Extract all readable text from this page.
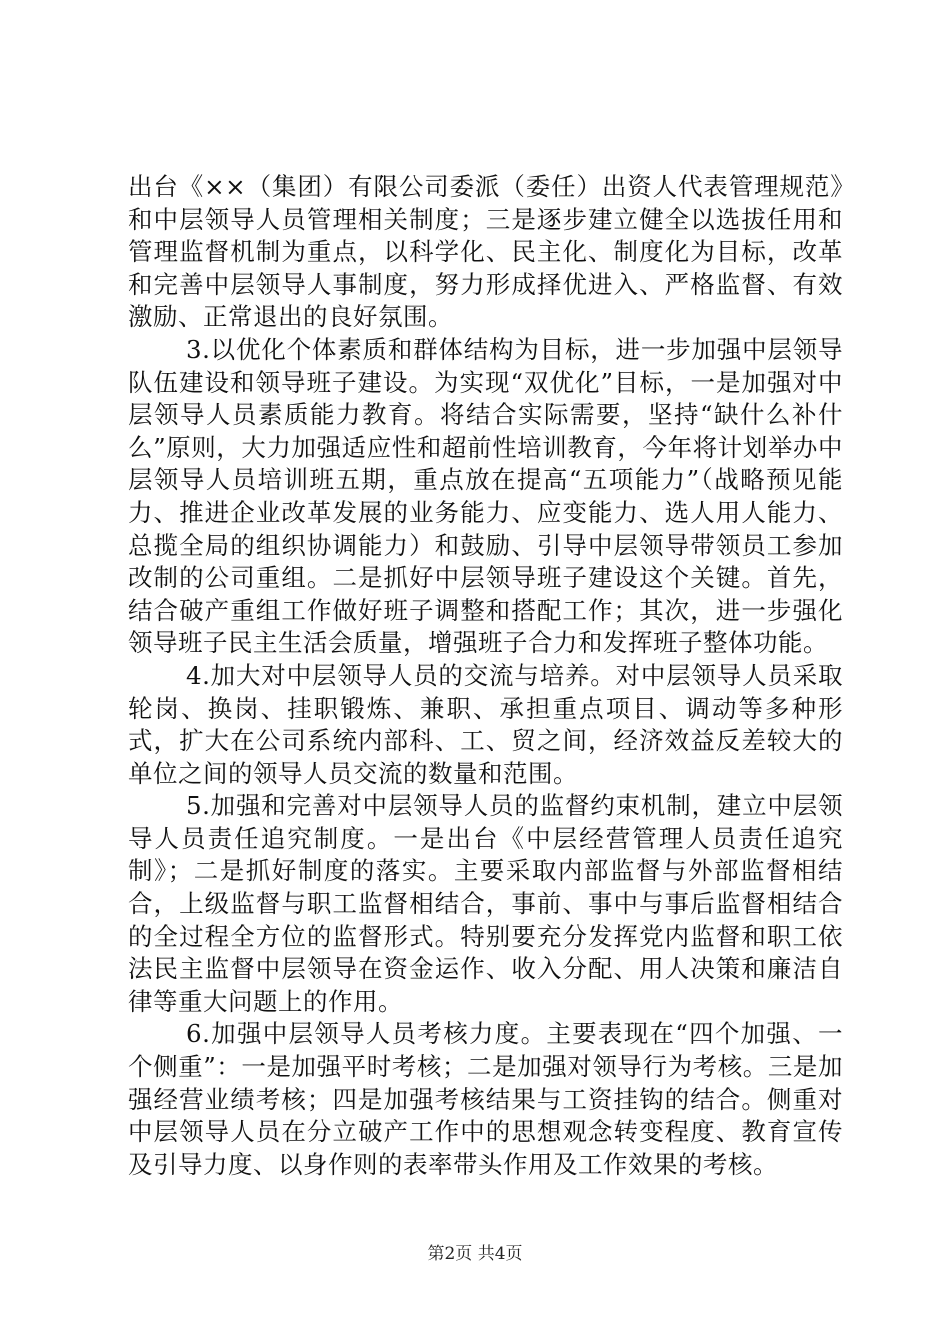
出台《××（集团）有限公司委派（委任）出资人代表管理规范》和中层领导人员管理相关制度；三是逐步建立健全以选拔任用和管理监督机制为重点，以科学化、民主化、制度化为目标，改革和完善中层领导人事制度，努力形成择优进入、严格监督、有效激励、正常退出的良好氛围。

3.以优化个体素质和群体结构为目标，进一步加强中层领导队伍建设和领导班子建设。为实现“双优化”目标，一是加强对中层领导人员素质能力教育。将结合实际需要，坚持“缺什么补什么”原则，大力加强适应性和超前性培训教育，今年将计划举办中层领导人员培训班五期，重点放在提高“五项能力”（战略预见能力、推进企业改革发展的业务能力、应变能力、选人用人能力、总揽全局的组织协调能力）和鼓励、引导中层领导带领员工参加改制的公司重组。二是抓好中层领导班子建设这个关键。首先，结合破产重组工作做好班子调整和搭配工作；其次，进一步强化领导班子民主生活会质量，增强班子合力和发挥班子整体功能。

4.加大对中层领导人员的交流与培养。对中层领导人员采取轮岗、换岗、挂职锻炼、兼职、承担重点项目、调动等多种形式，扩大在公司系统内部科、工、贸之间，经济效益反差较大的单位之间的领导人员交流的数量和范围。

5.加强和完善对中层领导人员的监督约束机制，建立中层领导人员责任追究制度。一是出台《中层经营管理人员责任追究制》；二是抓好制度的落实。主要采取内部监督与外部监督相结合，上级监督与职工监督相结合，事前、事中与事后监督相结合的全过程全方位的监督形式。特别要充分发挥党内监督和职工依法民主监督中层领导在资金运作、收入分配、用人决策和廉洁自律等重大问题上的作用。

6.加强中层领导人员考核力度。主要表现在“四个加强、一个侧重”：一是加强平时考核；二是加强对领导行为考核。三是加强经营业绩考核；四是加强考核结果与工资挂钩的结合。侧重对中层领导人员在分立破产工作中的思想观念转变程度、教育宣传及引导力度、以身作则的表率带头作用及工作效果的考核。

第2页 共4页
